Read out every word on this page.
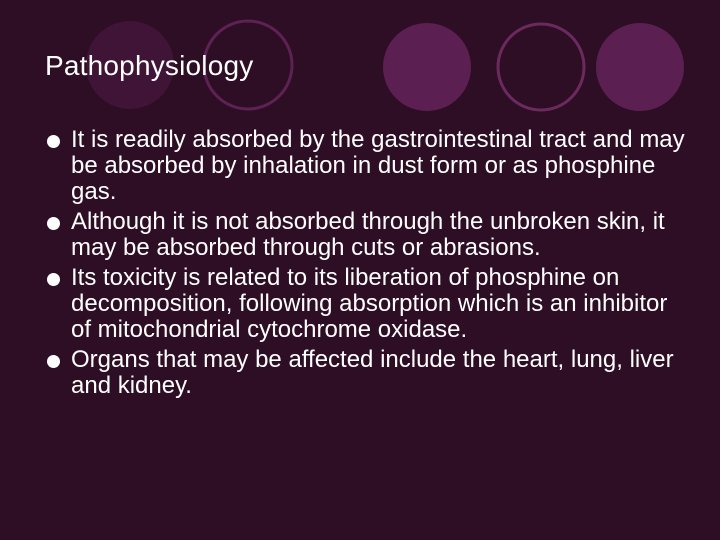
Pathophysiology
It is readily absorbed by the gastrointestinal tract and may be absorbed by inhalation in dust form or as phosphine gas.
Although it is not absorbed through the unbroken skin, it may be absorbed through cuts or abrasions.
Its toxicity is related to its liberation of phosphine on decomposition, following absorption which is an inhibitor of mitochondrial cytochrome oxidase.
Organs that may be affected include the heart, lung, liver and kidney.
